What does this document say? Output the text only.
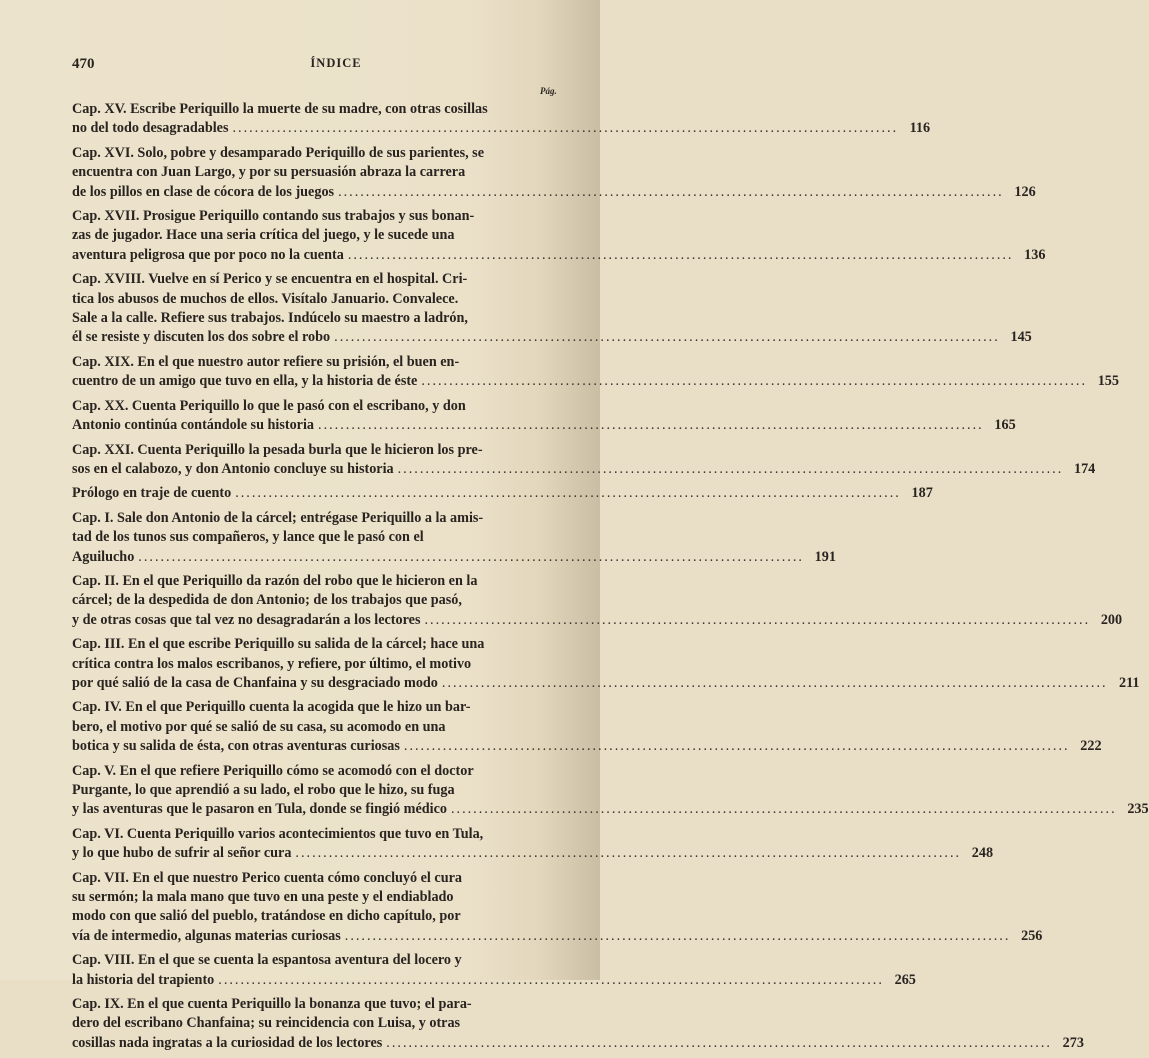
470	ÍNDICE
Pág.
Cap. XV. Escribe Periquillo la muerte de su madre, con otras cosillas
no del todo desagradables ........................................................................................................................ 116
Cap. XVI. Solo, pobre y desamparado Periquillo de sus parientes, se
encuentra con Juan Largo, y por su persuasión abraza la carrera
de los pillos en clase de cócora de los juegos ........................................................................................................................ 126
Cap. XVII. Prosigue Periquillo contando sus trabajos y sus bonan-
zas de jugador. Hace una seria crítica del juego, y le sucede una
aventura peligrosa que por poco no la cuenta ........................................................................................................................ 136
Cap. XVIII. Vuelve en sí Perico y se encuentra en el hospital. Cri-
tica los abusos de muchos de ellos. Visítalo Januario. Convalece.
Sale a la calle. Refiere sus trabajos. Indúcelo su maestro a ladrón,
él se resiste y discuten los dos sobre el robo ........................................................................................................................ 145
Cap. XIX. En el que nuestro autor refiere su prisión, el buen en-
cuentro de un amigo que tuvo en ella, y la historia de éste ........................................................................................................................ 155
Cap. XX. Cuenta Periquillo lo que le pasó con el escribano, y don
Antonio continúa contándole su historia ........................................................................................................................ 165
Cap. XXI. Cuenta Periquillo la pesada burla que le hicieron los pre-
sos en el calabozo, y don Antonio concluye su historia ........................................................................................................................ 174
Prólogo en traje de cuento ........................................................................................................................ 187
Cap. I. Sale don Antonio de la cárcel; entrégase Periquillo a la amis-
tad de los tunos sus compañeros, y lance que le pasó con el
Aguilucho ........................................................................................................................ 191
Cap. II. En el que Periquillo da razón del robo que le hicieron en la
cárcel; de la despedida de don Antonio; de los trabajos que pasó,
y de otras cosas que tal vez no desagradarán a los lectores ........................................................................................................................ 200
Cap. III. En el que escribe Periquillo su salida de la cárcel; hace una
crítica contra los malos escribanos, y refiere, por último, el motivo
por qué salió de la casa de Chanfaina y su desgraciado modo ........................................................................................................................ 211
Cap. IV. En el que Periquillo cuenta la acogida que le hizo un bar-
bero, el motivo por qué se salió de su casa, su acomodo en una
botica y su salida de ésta, con otras aventuras curiosas ........................................................................................................................ 222
Cap. V. En el que refiere Periquillo cómo se acomodó con el doctor
Purgante, lo que aprendió a su lado, el robo que le hizo, su fuga
y las aventuras que le pasaron en Tula, donde se fingió médico ........................................................................................................................ 235
Cap. VI. Cuenta Periquillo varios acontecimientos que tuvo en Tula,
y lo que hubo de sufrir al señor cura ........................................................................................................................ 248
Cap. VII. En el que nuestro Perico cuenta cómo concluyó el cura
su sermón; la mala mano que tuvo en una peste y el endiablado
modo con que salió del pueblo, tratándose en dicho capítulo, por
vía de intermedio, algunas materias curiosas ........................................................................................................................ 256
Cap. VIII. En el que se cuenta la espantosa aventura del locero y
la historia del trapiento ........................................................................................................................ 265
Cap. IX. En el que cuenta Periquillo la bonanza que tuvo; el para-
dero del escribano Chanfaina; su reincidencia con Luisa, y otras
cosillas nada ingratas a la curiosidad de los lectores ........................................................................................................................ 273
